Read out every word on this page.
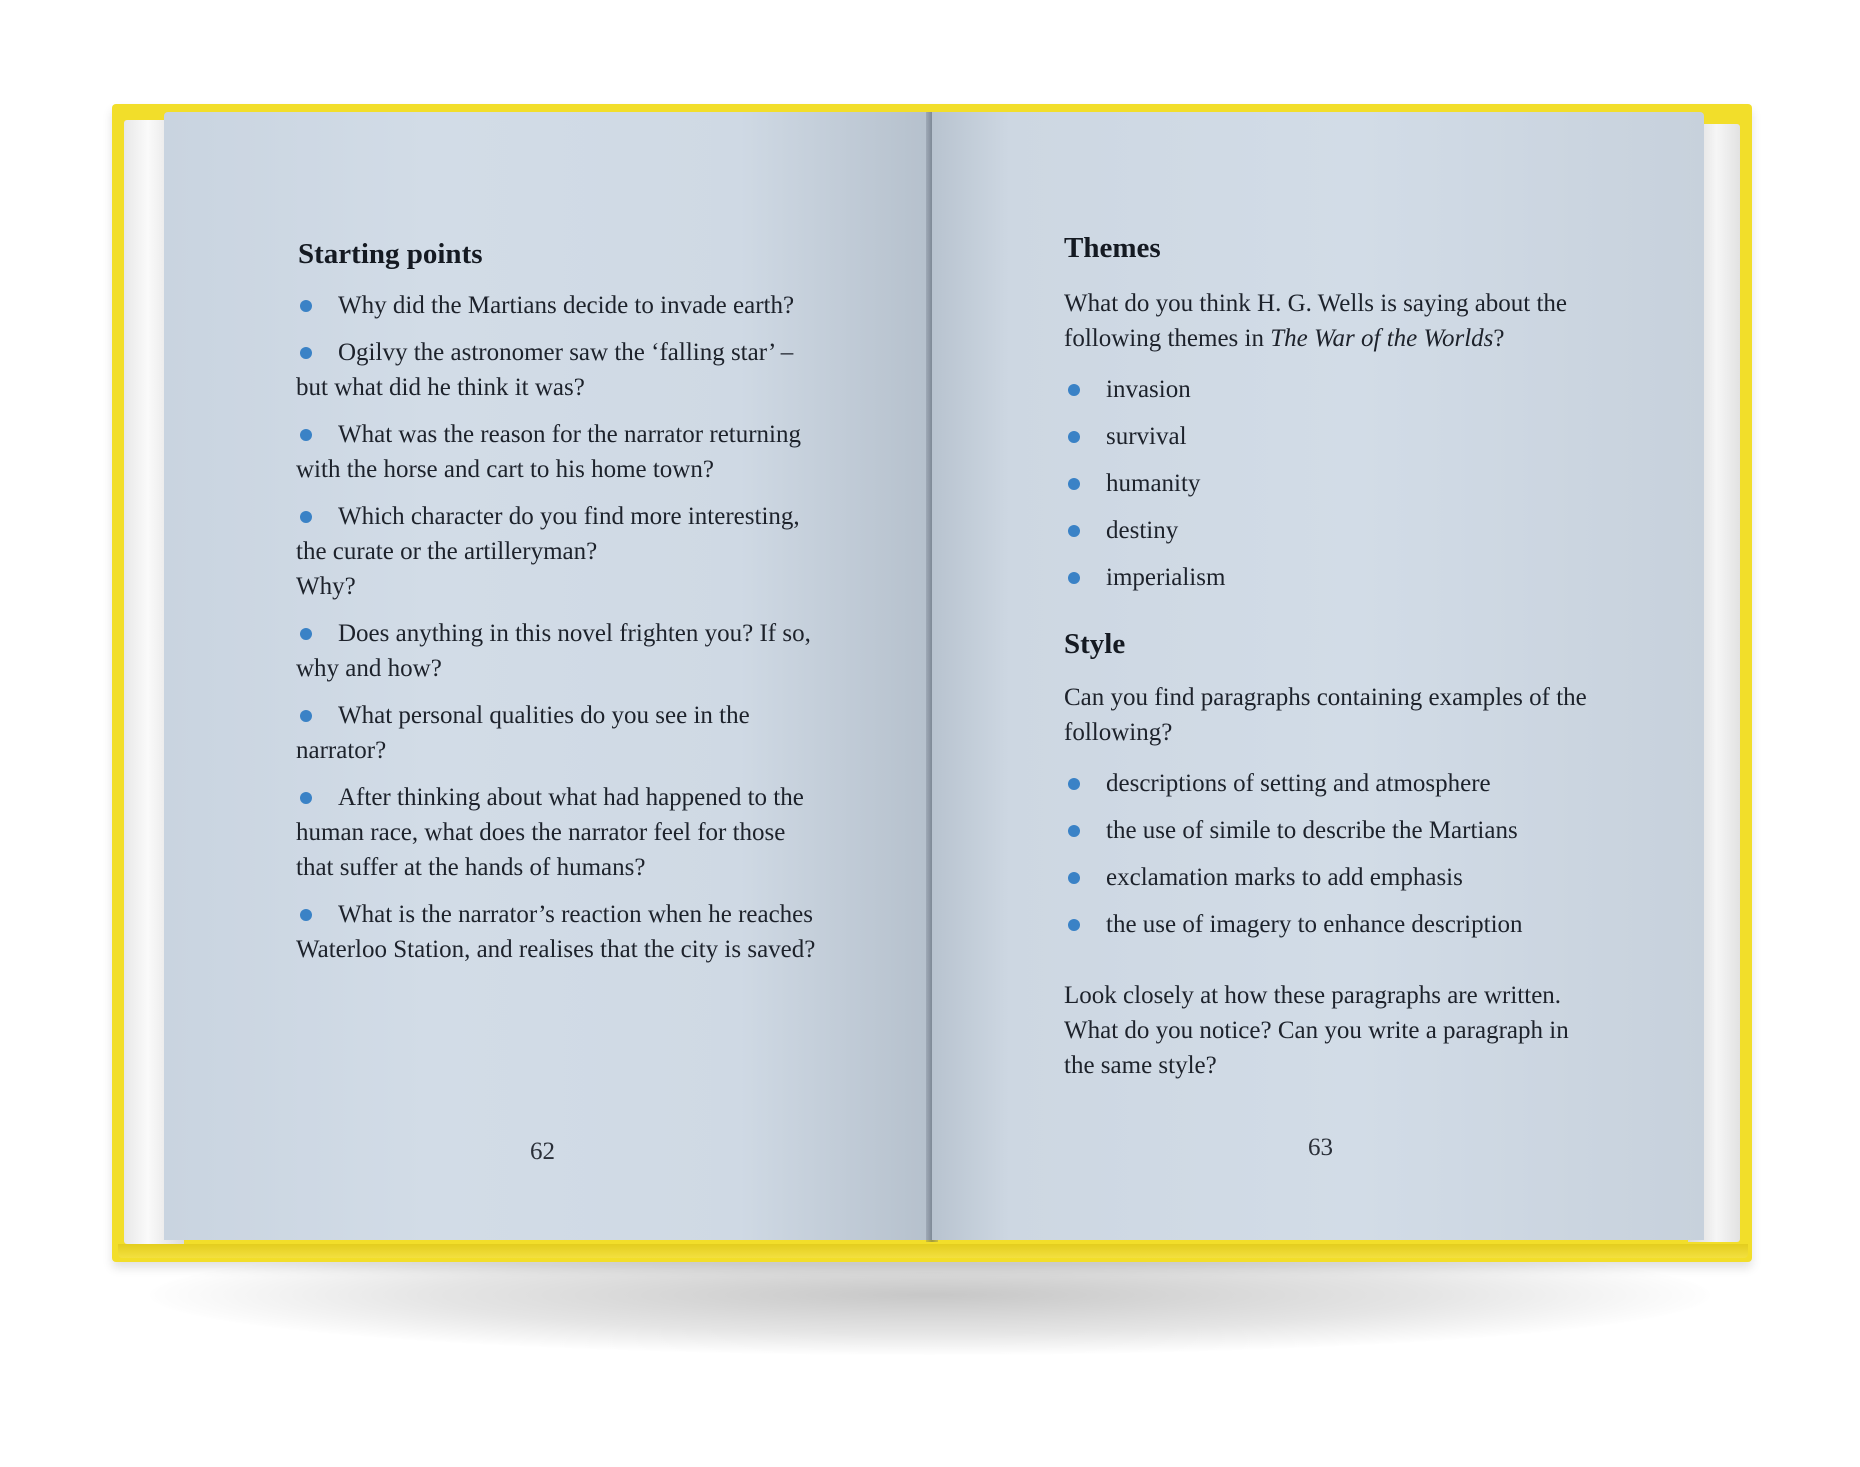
Starting points
Why did the Martians decide to invade earth?
Ogilvy the astronomer saw the ‘falling star’ – but what did he think it was?
What was the reason for the narrator returning with the horse and cart to his home town?
Which character do you find more interesting, the curate or the artilleryman?
Why?
Does anything in this novel frighten you? If so, why and how?
What personal qualities do you see in the narrator?
After thinking about what had happened to the human race, what does the narrator feel for those that suffer at the hands of humans?
What is the narrator’s reaction when he reaches Waterloo Station, and realises that the city is saved?
62
Themes

What do you think H. G. Wells is saying about the following themes in The War of the Worlds?

invasion
survival
humanity
destiny
imperialism
Style

Can you find paragraphs containing examples of the following?

descriptions of setting and atmosphere
the use of simile to describe the Martians
exclamation marks to add emphasis
the use of imagery to enhance description

Look closely at how these paragraphs are written. What do you notice? Can you write a paragraph in the same style?

63
